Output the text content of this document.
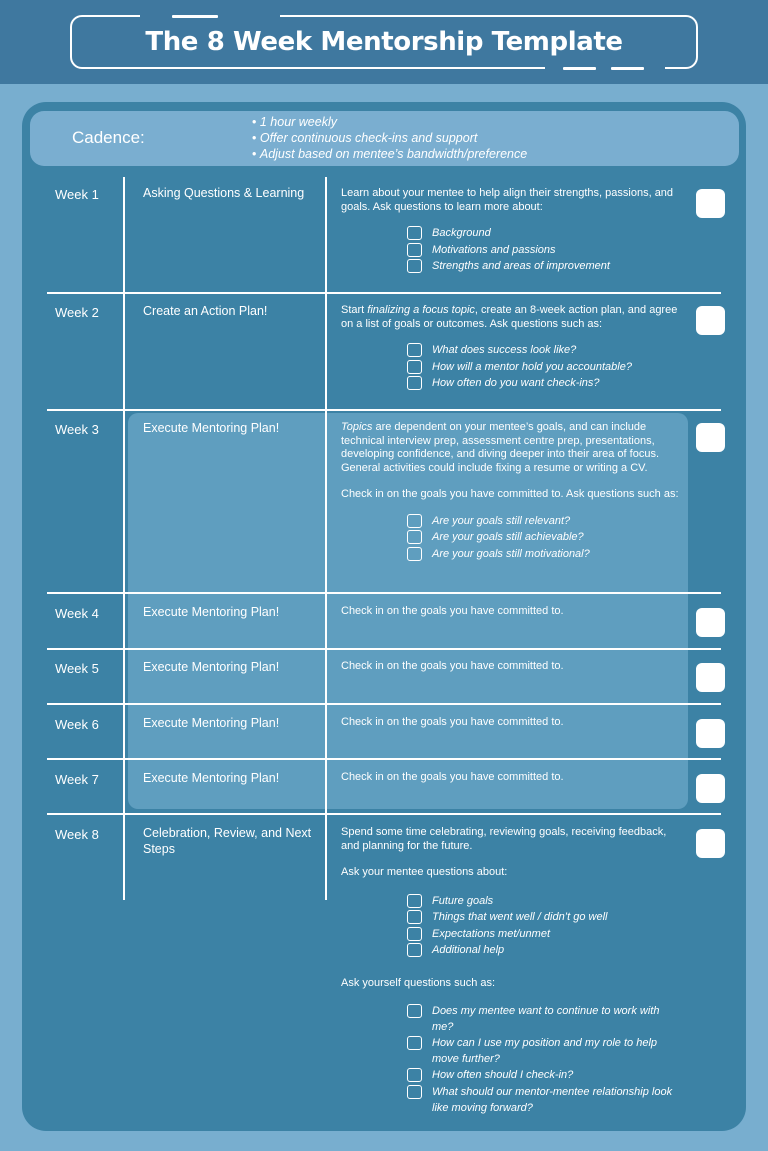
The 8 Week Mentorship Template
Cadence:
• 1 hour weekly
• Offer continuous check-ins and support
• Adjust based on mentee’s bandwidth/preference
Week 1	Asking Questions & Learning	Learn about your mentee to help align their strengths, passions, and goals. Ask questions to learn more about:

Background
Motivations and passions
Strengths and areas of improvement
Week 2	Create an Action Plan!	Start finalizing a focus topic, create an 8-week action plan, and agree on a list of goals or outcomes. Ask questions such as:

What does success look like?
How will a mentor hold you accountable?
How often do you want check-ins?
Week 3	Execute Mentoring Plan!	Topics are dependent on your mentee’s goals, and can include technical interview prep, assessment centre prep, presentations, developing confidence, and diving deeper into their area of focus. General activities could include fixing a resume or writing a CV.

Check in on the goals you have committed to. Ask questions such as:

Are your goals still relevant?
Are your goals still achievable?
Are your goals still motivational?
Week 4	Execute Mentoring Plan!	Check in on the goals you have committed to.
Week 5	Execute Mentoring Plan!	Check in on the goals you have committed to.
Week 6	Execute Mentoring Plan!	Check in on the goals you have committed to.
Week 7	Execute Mentoring Plan!	Check in on the goals you have committed to.
Week 8	Celebration, Review, and Next Steps

Spend some time celebrating, reviewing goals, receiving feedback, and planning for the future.

Ask your mentee questions about:

Future goals
Things that went well / didn’t go well
Expectations met/unmet
Additional help

Ask yourself questions such as:

Does my mentee want to continue to work with me?
How can I use my position and my role to help move further?
How often should I check-in?
What should our mentor-mentee relationship look like moving forward?
